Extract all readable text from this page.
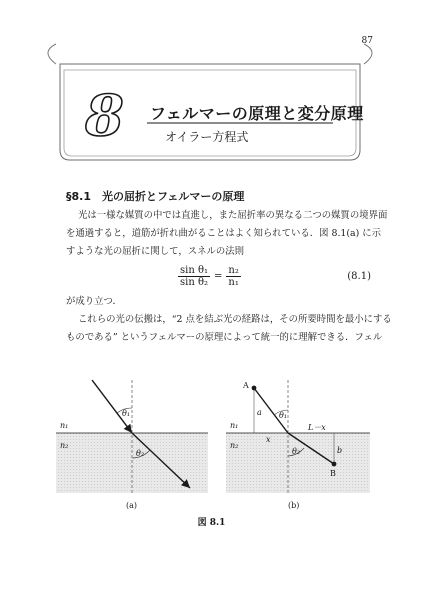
87
8 フェルマーの原理と変分原理
オイラー方程式
§8.1　光の屈折とフェルマーの原理
光は一様な媒質の中では直進し，また屈折率の異なる二つの媒質の境界面
を通過すると，道筋が折れ曲がることはよく知られている．図 8.1(a) に示
すような光の屈折に関して，スネルの法則
$\frac{\text{sin θ₁}}{\text{sin θ₂}} = \frac{\text{n₂}}{\text{n₁}}$	(8.1)
が成り立つ．
これらの光の伝搬は，“2 点を結ぶ光の経路は，その所要時間を最小にする
ものである” というフェルマーの原理によって統一的に理解できる．フェル
n₁
n₂
θ₁
θ₂
(a)
A
B
a
b
x
L－x
n₁
n₂
θ₁
θ₂
(b)
図 8.1
